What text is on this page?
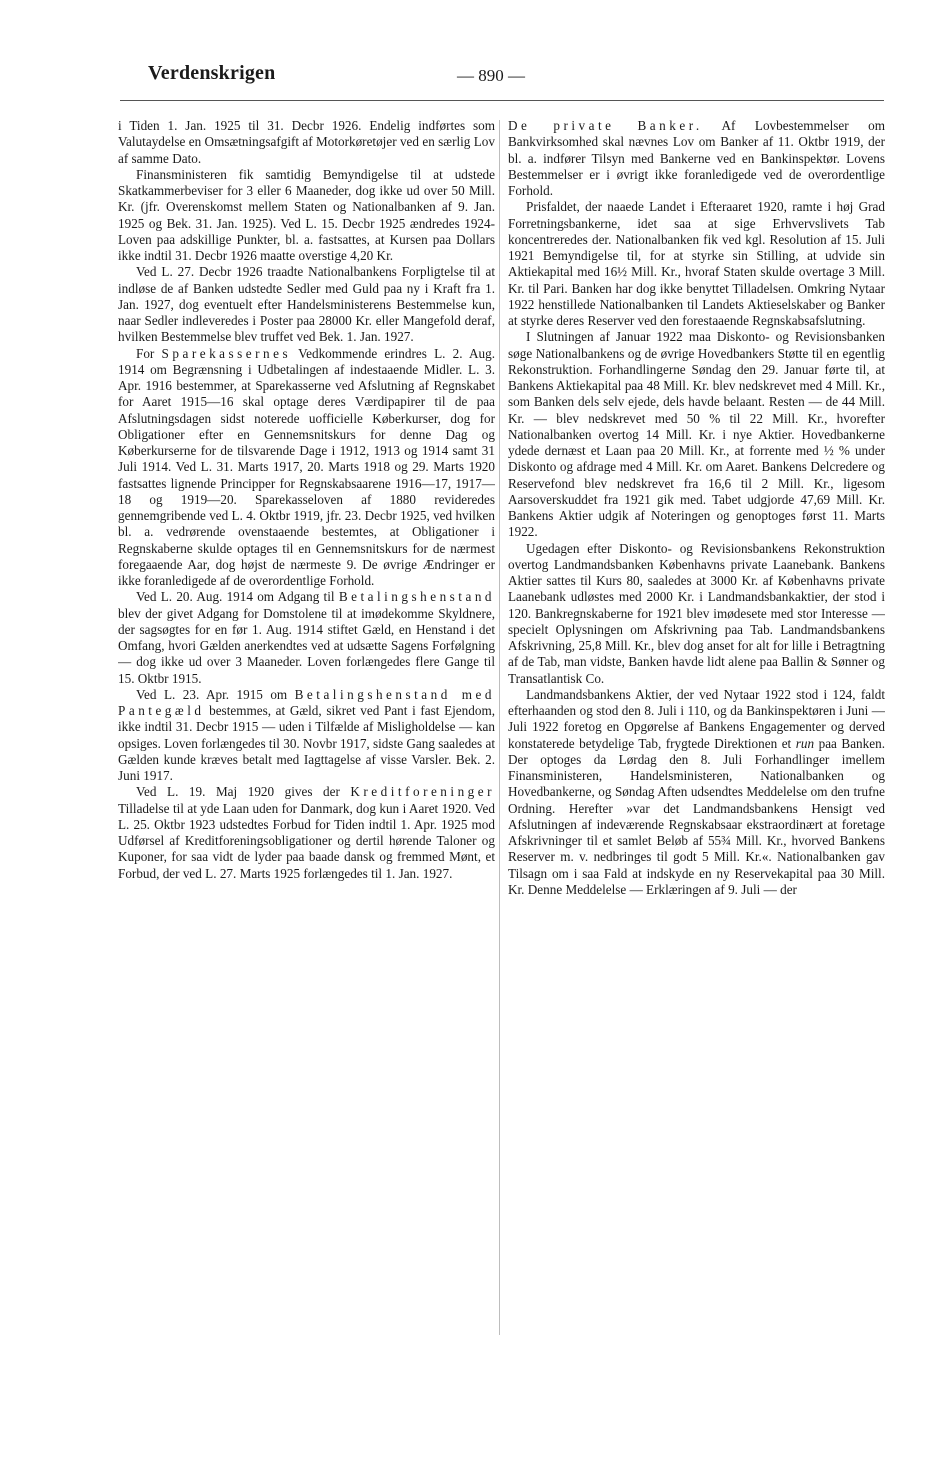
Verdenskrigen	— 890 —

i Tiden 1. Jan. 1925 til 31. Decbr 1926. Endelig indførtes som Valutaydelse en Omsætningsafgift af Motorkøretøjer ved en særlig Lov af samme Dato.

Finansministeren fik samtidig Bemyndigelse til at udstede Skatkammerbeviser for 3 eller 6 Maaneder, dog ikke ud over 50 Mill. Kr. (jfr. Overenskomst mellem Staten og Nationalbanken af 9. Jan. 1925 og Bek. 31. Jan. 1925). Ved L. 15. Decbr 1925 ændredes 1924-Loven paa adskillige Punkter, bl. a. fastsattes, at Kursen paa Dollars ikke indtil 31. Decbr 1926 maatte overstige 4,20 Kr.

Ved L. 27. Decbr 1926 traadte Nationalbankens Forpligtelse til at indløse de af Banken udstedte Sedler med Guld paa ny i Kraft fra 1. Jan. 1927, dog eventuelt efter Handelsministerens Bestemmelse kun, naar Sedler indleveredes i Poster paa 28000 Kr. eller Mangefold deraf, hvilken Bestemmelse blev truffet ved Bek. 1. Jan. 1927.

For Sparekassernes Vedkommende erindres L. 2. Aug. 1914 om Begrænsning i Udbetalingen af indestaaende Midler. L. 3. Apr. 1916 bestemmer, at Sparekasserne ved Afslutning af Regnskabet for Aaret 1915—16 skal optage deres Værdipapirer til de paa Afslutningsdagen sidst noterede uofficielle Køberkurser, dog for Obligationer efter en Gennemsnitskurs for denne Dag og Køberkurserne for de tilsvarende Dage i 1912, 1913 og 1914 samt 31 Juli 1914. Ved L. 31. Marts 1917, 20. Marts 1918 og 29. Marts 1920 fastsattes lignende Principper for Regnskabsaarene 1916—17, 1917—18 og 1919—20. Sparekasseloven af 1880 revideredes gennemgribende ved L. 4. Oktbr 1919, jfr. 23. Decbr 1925, ved hvilken bl. a. vedrørende ovenstaaende bestemtes, at Obligationer i Regnskaberne skulde optages til en Gennemsnitskurs for de nærmest foregaaende Aar, dog højst de nærmeste 9. De øvrige Ændringer er ikke foranledigede af de overordentlige Forhold.

Ved L. 20. Aug. 1914 om Adgang til Betalingshenstand blev der givet Adgang for Domstolene til at imødekomme Skyldnere, der sagsøgtes for en før 1. Aug. 1914 stiftet Gæld, en Henstand i det Omfang, hvori Gælden anerkendtes ved at udsætte Sagens Forfølgning — dog ikke ud over 3 Maaneder. Loven forlængedes flere Gange til 15. Oktbr 1915.

Ved L. 23. Apr. 1915 om Betalingshenstand med Pantegæld bestemmes, at Gæld, sikret ved Pant i fast Ejendom, ikke indtil 31. Decbr 1915 — uden i Tilfælde af Misligholdelse — kan opsiges. Loven forlængedes til 30. Novbr 1917, sidste Gang saaledes at Gælden kunde kræves betalt med Iagttagelse af visse Varsler. Bek. 2. Juni 1917.

Ved L. 19. Maj 1920 gives der Kreditforeninger Tilladelse til at yde Laan uden for Danmark, dog kun i Aaret 1920. Ved L. 25. Oktbr 1923 udstedtes Forbud for Tiden indtil 1. Apr. 1925 mod Udførsel af Kreditforeningsobligationer og dertil hørende Taloner og Kuponer, for saa vidt de lyder paa baade dansk og fremmed Mønt, et Forbud, der ved L. 27. Marts 1925 forlængedes til 1. Jan. 1927.

De private Banker. Af Lovbestemmelser om Bankvirksomhed skal nævnes Lov om Banker af 11. Oktbr 1919, der bl. a. indfører Tilsyn med Bankerne ved en Bankinspektør. Lovens Bestemmelser er i øvrigt ikke foranledigede ved de overordentlige Forhold.

Prisfaldet, der naaede Landet i Efteraaret 1920, ramte i høj Grad Forretningsbankerne, idet saa at sige Erhvervslivets Tab koncentreredes der. Nationalbanken fik ved kgl. Resolution af 15. Juli 1921 Bemyndigelse til, for at styrke sin Stilling, at udvide sin Aktiekapital med 16½ Mill. Kr., hvoraf Staten skulde overtage 3 Mill. Kr. til Pari. Banken har dog ikke benyttet Tilladelsen. Omkring Nytaar 1922 henstillede Nationalbanken til Landets Aktieselskaber og Banker at styrke deres Reserver ved den forestaaende Regnskabsafslutning.

I Slutningen af Januar 1922 maa Diskonto- og Revisionsbanken søge Nationalbankens og de øvrige Hovedbankers Støtte til en egentlig Rekonstruktion. Forhandlingerne Søndag den 29. Januar førte til, at Bankens Aktiekapital paa 48 Mill. Kr. blev nedskrevet med 4 Mill. Kr., som Banken dels selv ejede, dels havde belaant. Resten — de 44 Mill. Kr. — blev nedskrevet med 50 % til 22 Mill. Kr., hvorefter Nationalbanken overtog 14 Mill. Kr. i nye Aktier. Hovedbankerne ydede dernæst et Laan paa 20 Mill. Kr., at forrente med ½ % under Diskonto og afdrage med 4 Mill. Kr. om Aaret. Bankens Delcredere og Reservefond blev nedskrevet fra 16,6 til 2 Mill. Kr., ligesom Aarsoverskuddet fra 1921 gik med. Tabet udgjorde 47,69 Mill. Kr. Bankens Aktier udgik af Noteringen og genoptoges først 11. Marts 1922.

Ugedagen efter Diskonto- og Revisionsbankens Rekonstruktion overtog Landmandsbanken Københavns private Laanebank. Bankens Aktier sattes til Kurs 80, saaledes at 3000 Kr. af Københavns private Laanebank udløstes med 2000 Kr. i Landmandsbankaktier, der stod i 120. Bankregnskaberne for 1921 blev imødesete med stor Interesse — specielt Oplysningen om Afskrivning paa Tab. Landmandsbankens Afskrivning, 25,8 Mill. Kr., blev dog anset for alt for lille i Betragtning af de Tab, man vidste, Banken havde lidt alene paa Ballin & Sønner og Transatlantisk Co.

Landmandsbankens Aktier, der ved Nytaar 1922 stod i 124, faldt efterhaanden og stod den 8. Juli i 110, og da Bankinspektøren i Juni —Juli 1922 foretog en Opgørelse af Bankens Engagementer og derved konstaterede betydelige Tab, frygtede Direktionen et run paa Banken. Der optoges da Lørdag den 8. Juli Forhandlinger imellem Finansministeren, Handelsministeren, Nationalbanken og Hovedbankerne, og Søndag Aften udsendtes Meddelelse om den trufne Ordning. Herefter »var det Landmandsbankens Hensigt ved Afslutningen af indeværende Regnskabsaar ekstraordinært at foretage Afskrivninger til et samlet Beløb af 55¾ Mill. Kr., hvorved Bankens Reserver m. v. nedbringes til godt 5 Mill. Kr.«. Nationalbanken gav Tilsagn om i saa Fald at indskyde en ny Reservekapital paa 30 Mill. Kr. Denne Meddelelse — Erklæringen af 9. Juli — der
